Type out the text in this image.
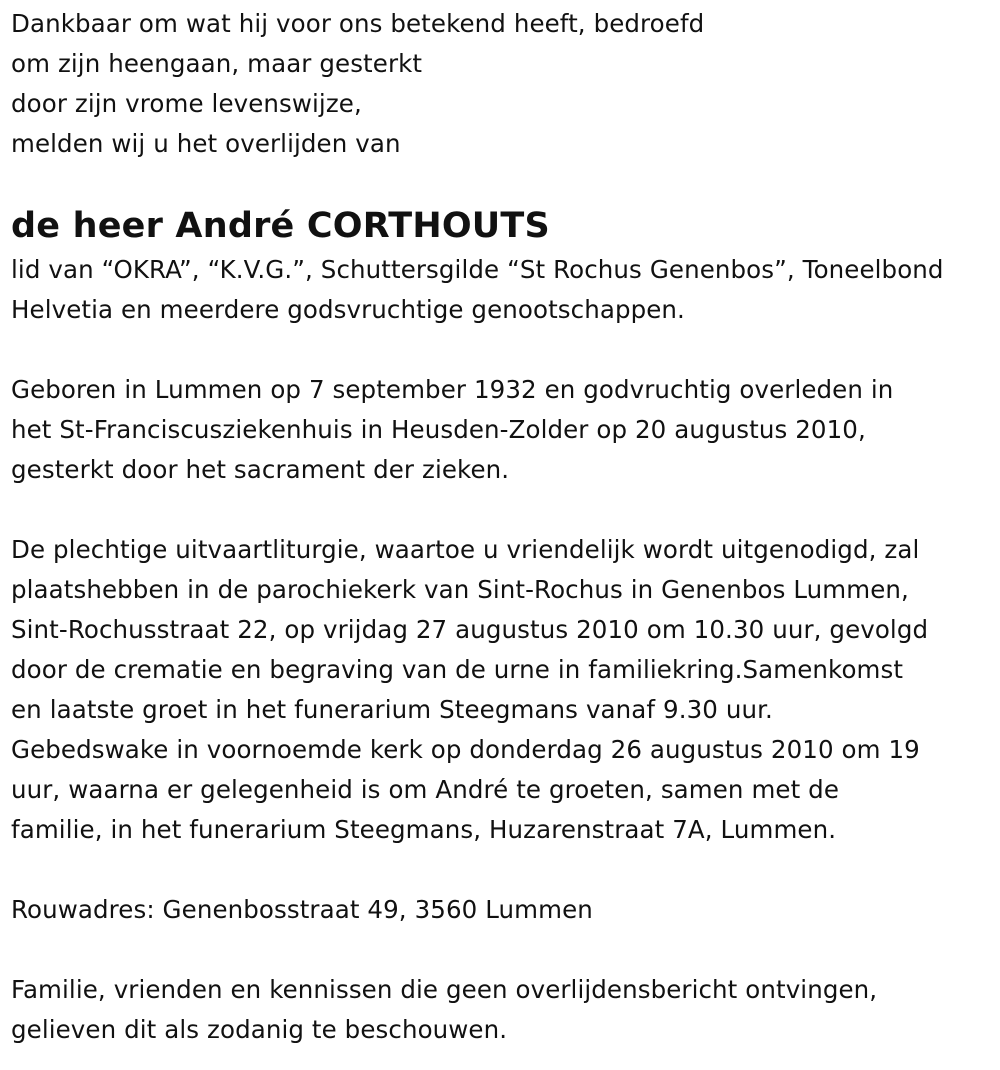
Dankbaar om wat hij voor ons betekend heeft, bedroefd
om zijn heengaan, maar gesterkt
door zijn vrome levenswijze,
melden wij u het overlijden van
de heer André CORTHOUTS
lid van “OKRA”, “K.V.G.”, Schuttersgilde “St Rochus Genenbos”, Toneelbond
Helvetia en meerdere godsvruchtige genootschappen.
Geboren in Lummen op 7 september 1932 en godvruchtig overleden in
het St-Franciscusziekenhuis in Heusden-Zolder op 20 augustus 2010,
gesterkt door het sacrament der zieken.
De plechtige uitvaartliturgie, waartoe u vriendelijk wordt uitgenodigd, zal
plaatshebben in de parochiekerk van Sint-Rochus in Genenbos Lummen,
Sint-Rochusstraat 22, op vrijdag 27 augustus 2010 om 10.30 uur, gevolgd
door de crematie en begraving van de urne in familiekring.Samenkomst
en laatste groet in het funerarium Steegmans vanaf 9.30 uur.
Gebedswake in voornoemde kerk op donderdag 26 augustus 2010 om 19
uur, waarna er gelegenheid is om André te groeten, samen met de
familie, in het funerarium Steegmans, Huzarenstraat 7A, Lummen.
Rouwadres: Genenbosstraat 49, 3560 Lummen
Familie, vrienden en kennissen die geen overlijdensbericht ontvingen,
gelieven dit als zodanig te beschouwen.
